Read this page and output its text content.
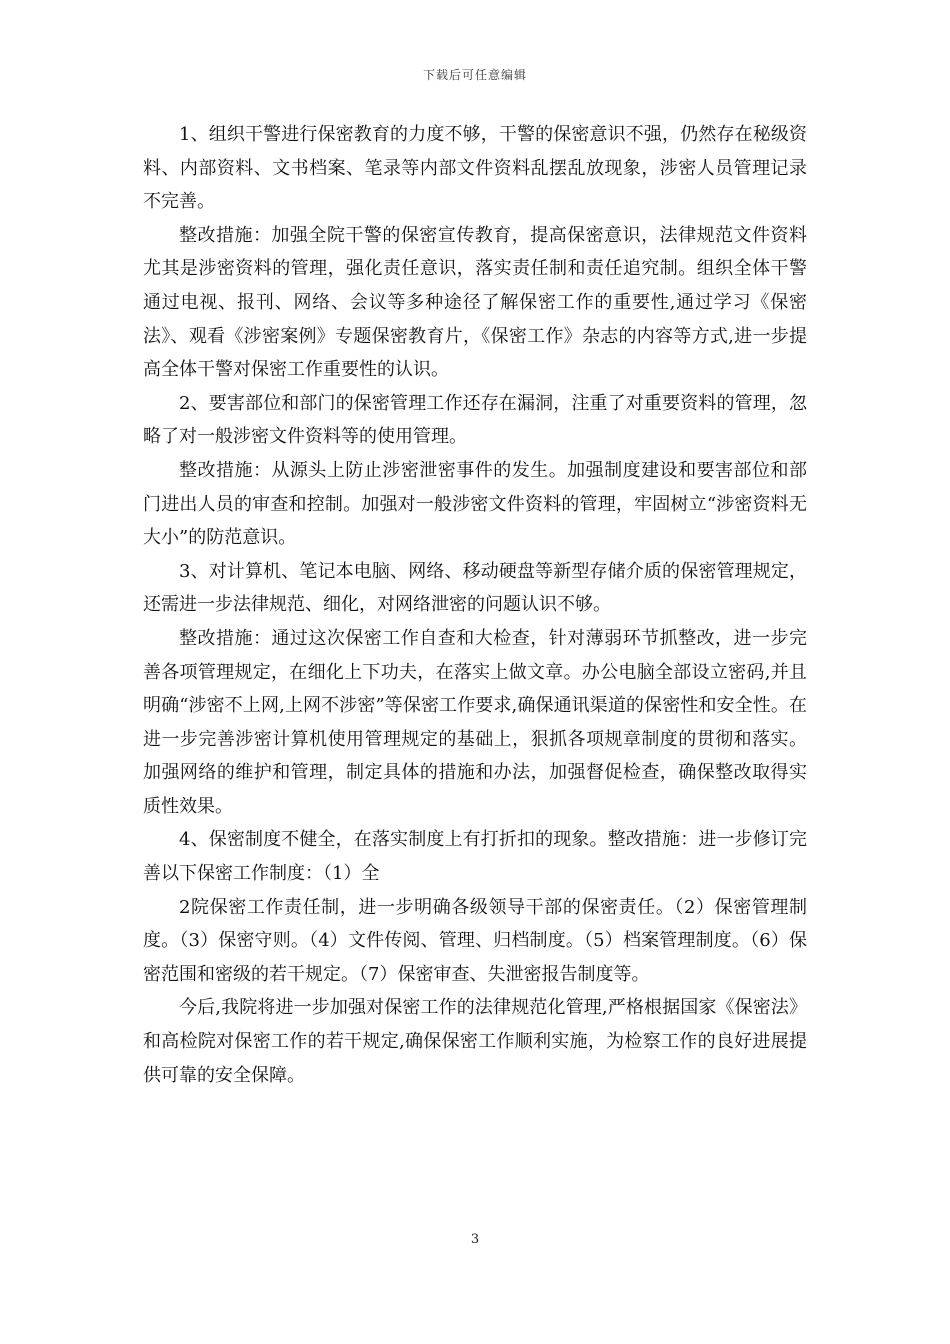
下载后可任意编辑

1、组织干警进行保密教育的力度不够，干警的保密意识不强，仍然存在秘级资料、内部资料、文书档案、笔录等内部文件资料乱摆乱放现象，涉密人员管理记录不完善。

整改措施：加强全院干警的保密宣传教育，提高保密意识，法律规范文件资料尤其是涉密资料的管理，强化责任意识，落实责任制和责任追究制。组织全体干警通过电视、报刊、网络、会议等多种途径了解保密工作的重要性,通过学习《保密法》、观看《涉密案例》专题保密教育片，《保密工作》杂志的内容等方式,进一步提高全体干警对保密工作重要性的认识。

2、要害部位和部门的保密管理工作还存在漏洞，注重了对重要资料的管理，忽略了对一般涉密文件资料等的使用管理。

整改措施：从源头上防止涉密泄密事件的发生。加强制度建设和要害部位和部门进出人员的审查和控制。加强对一般涉密文件资料的管理，牢固树立“涉密资料无大小”的防范意识。

3、对计算机、笔记本电脑、网络、移动硬盘等新型存储介质的保密管理规定，还需进一步法律规范、细化，对网络泄密的问题认识不够。

整改措施：通过这次保密工作自查和大检查，针对薄弱环节抓整改，进一步完善各项管理规定，在细化上下功夫，在落实上做文章。办公电脑全部设立密码,并且明确“涉密不上网,上网不涉密”等保密工作要求,确保通讯渠道的保密性和安全性。在进一步完善涉密计算机使用管理规定的基础上，狠抓各项规章制度的贯彻和落实。加强网络的维护和管理，制定具体的措施和办法，加强督促检查，确保整改取得实质性效果。

4、保密制度不健全，在落实制度上有打折扣的现象。整改措施：进一步修订完善以下保密工作制度：（1）全

2院保密工作责任制，进一步明确各级领导干部的保密责任。（2）保密管理制度。（3）保密守则。（4）文件传阅、管理、归档制度。（5）档案管理制度。（6）保密范围和密级的若干规定。（7）保密审查、失泄密报告制度等。

今后,我院将进一步加强对保密工作的法律规范化管理,严格根据国家《保密法》和高检院对保密工作的若干规定,确保保密工作顺利实施，为检察工作的良好进展提供可靠的安全保障。

3
